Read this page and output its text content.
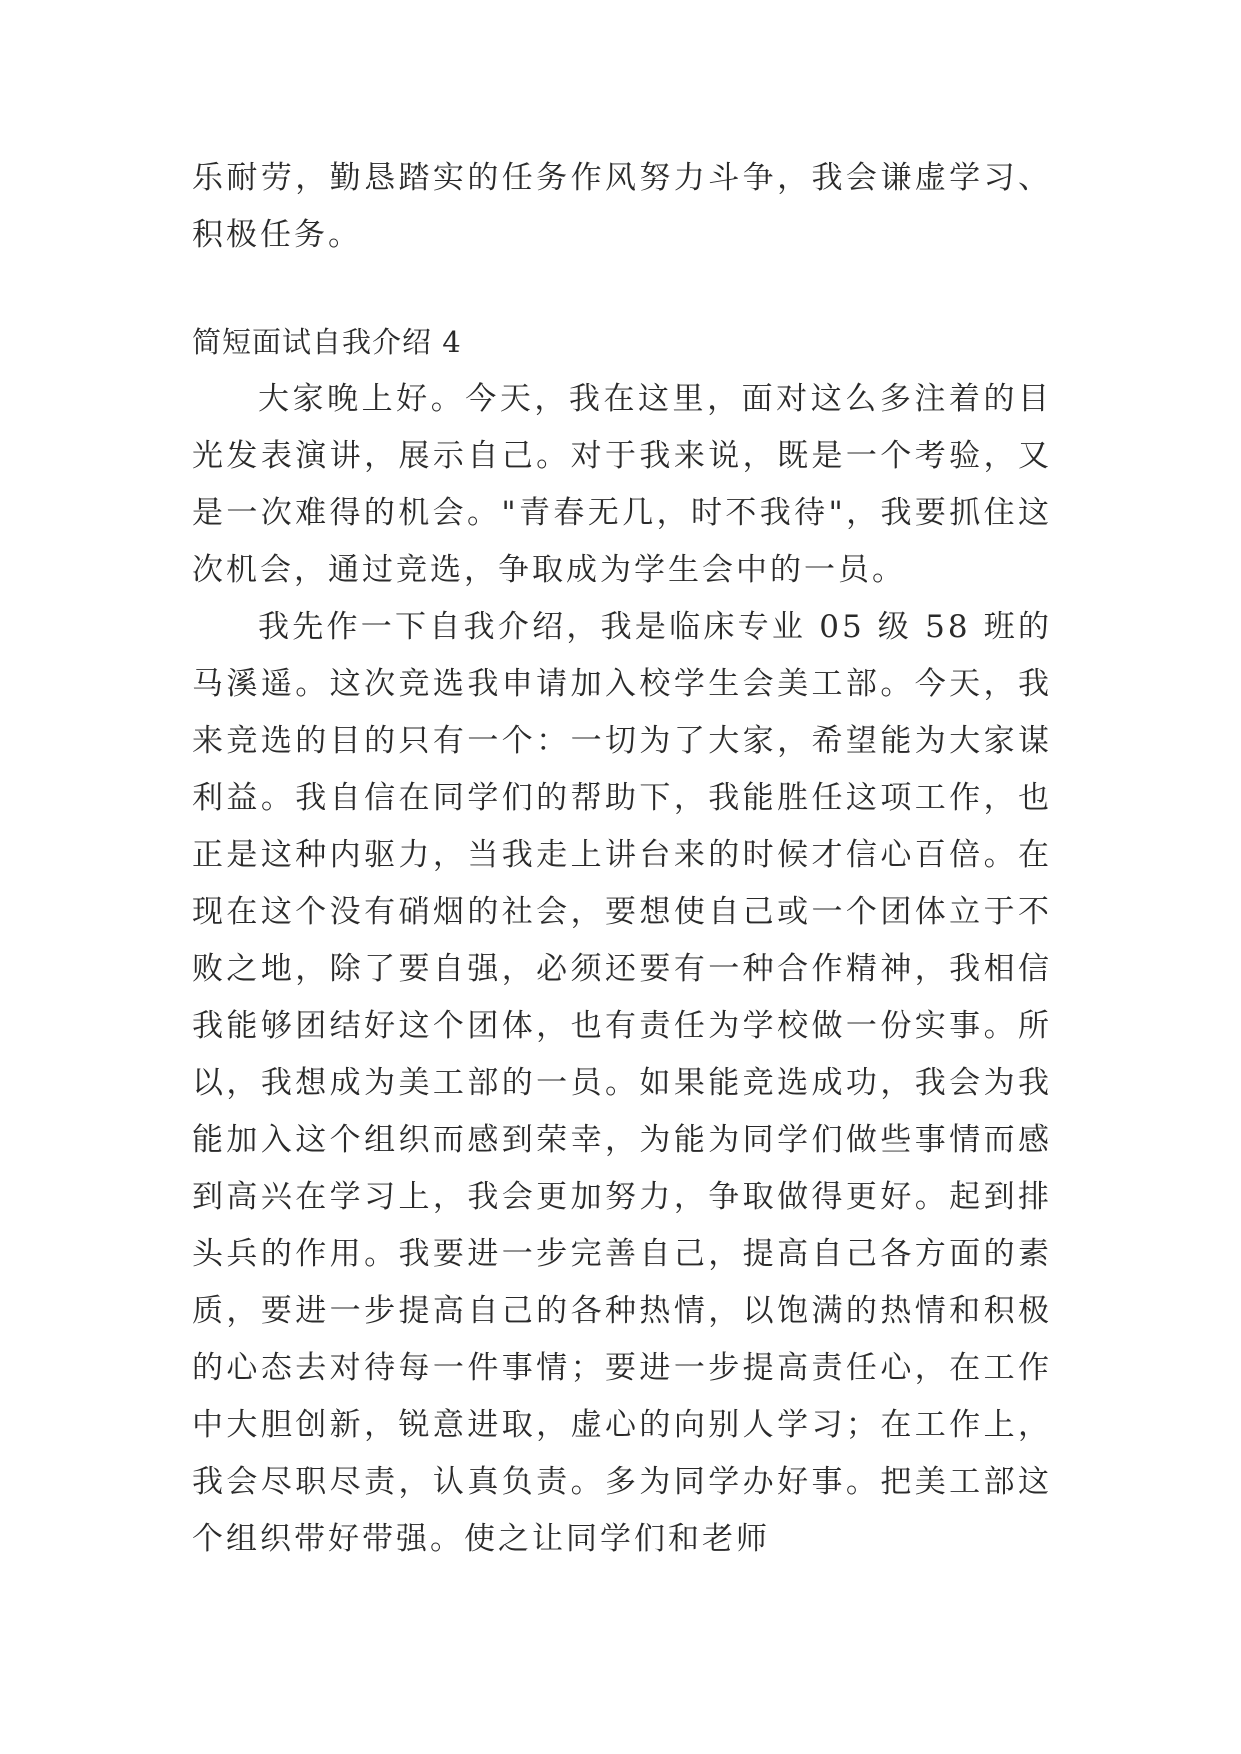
乐耐劳，勤恳踏实的任务作风努力斗争，我会谦虚学习、积极任务。

简短面试自我介绍 4

大家晚上好。今天，我在这里，面对这么多注着的目光发表演讲，展示自己。对于我来说，既是一个考验，又是一次难得的机会。"青春无几，时不我待"，我要抓住这次机会，通过竞选，争取成为学生会中的一员。

我先作一下自我介绍，我是临床专业 05 级 58 班的马溪遥。这次竞选我申请加入校学生会美工部。今天，我来竞选的目的只有一个：一切为了大家，希望能为大家谋利益。我自信在同学们的帮助下，我能胜任这项工作，也正是这种内驱力，当我走上讲台来的时候才信心百倍。在现在这个没有硝烟的社会，要想使自己或一个团体立于不败之地，除了要自强，必须还要有一种合作精神，我相信我能够团结好这个团体，也有责任为学校做一份实事。所以，我想成为美工部的一员。如果能竞选成功，我会为我能加入这个组织而感到荣幸，为能为同学们做些事情而感到高兴在学习上，我会更加努力，争取做得更好。起到排头兵的作用。我要进一步完善自己，提高自己各方面的素质，要进一步提高自己的各种热情，以饱满的热情和积极的心态去对待每一件事情；要进一步提高责任心，在工作中大胆创新，锐意进取，虚心的向别人学习；在工作上，我会尽职尽责，认真负责。多为同学办好事。把美工部这个组织带好带强。使之让同学们和老师
